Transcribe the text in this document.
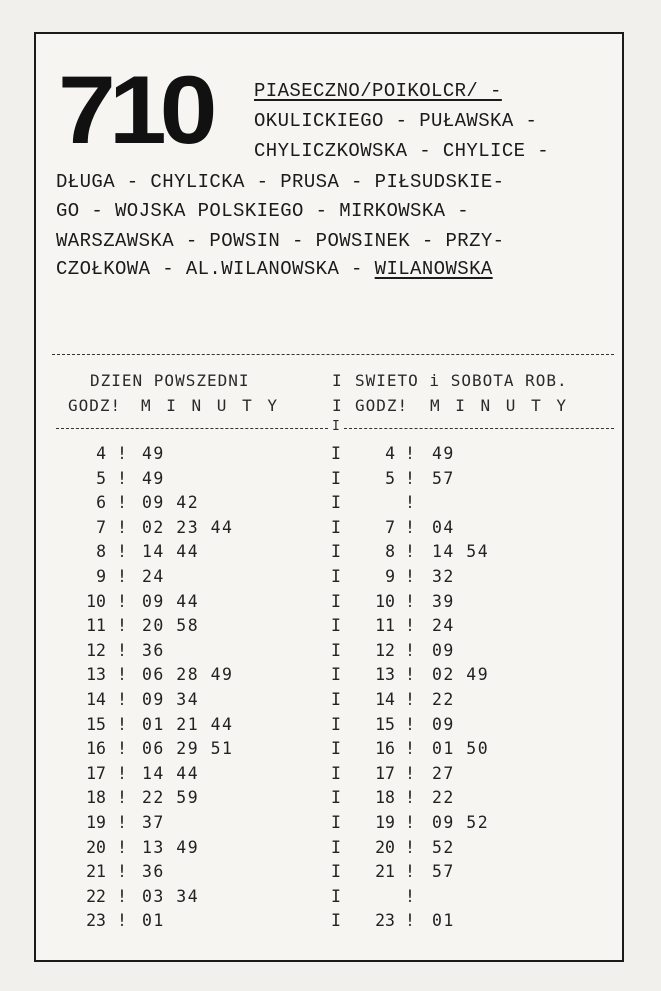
710 PIASECZNO/POIKOLCR/ -
OKULICKIEGO - PUŁAWSKA -
CHYLICZKOWSKA - CHYLICE -
DŁUGA - CHYLICKA - PRUSA - PIŁSUDSKIE-
GO - WOJSKA POLSKIEGO - MIRKOWSKA -
WARSZAWSKA - POWSIN - POWSINEK - PRZY-
CZOŁKOWA - AL.WILANOWSKA - WILANOWSKA
DZIEN POWSZEDNI	I SWIETO i SOBOTA ROB.
GODZ! M I N U T Y	I GODZ! M I N U T Y
I
4 ! 49	I	4 ! 49
5 ! 49	I	5 ! 57
6 ! 09 42	I	!
7 ! 02 23 44	I	7 ! 04
8 ! 14 44	I	8 ! 14 54
9 ! 24	I	9 ! 32
10 ! 09 44	I	10 ! 39
11 ! 20 58	I	11 ! 24
12 ! 36	I	12 ! 09
13 ! 06 28 49	I	13 ! 02 49
14 ! 09 34	I	14 ! 22
15 ! 01 21 44	I	15 ! 09
16 ! 06 29 51	I	16 ! 01 50
17 ! 14 44	I	17 ! 27
18 ! 22 59	I	18 ! 22
19 ! 37	I	19 ! 09 52
20 ! 13 49	I	20 ! 52
21 ! 36	I	21 ! 57
22 ! 03 34	I	!
23 ! 01	I	23 ! 01
